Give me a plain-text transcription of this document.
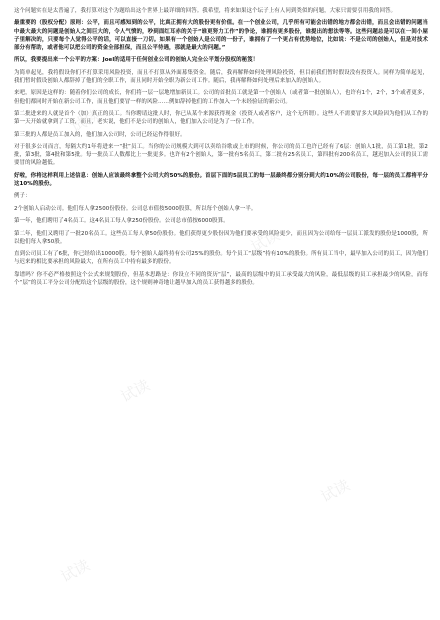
这个问题实在是太普遍了，我打算对这个为题给出这个世界上最详细的回答。我希望，将来如果这个坛子上有人问到类似的问题，大家只需要引用我的回答。

最重要的（股权分配）原则：公平，而且可感知到的公平，比真正拥有大的股份更有价值。在一个创业公司，几乎所有可能会出错的地方都会出错，而且会出错的问题当中最大最大的问题是创始人之间巨大的，令人气愤的，吵到面红耳赤的关于“谁更努力工作”的争论，谁拥有更多股份，谁提出的想法等等。这些问题总是可以在一间小屋子里解决的，只要每个人觉得公平的话，可以直接一刀切。如果有一个创始人是公司的一份子，谁拥有了一个更占有优势地位，比如说：不是公司的创始人，但是对技术部分有帮助，或者他可以把公司的资金全部担保，而且公平待遇，那就是最大的问题。”

所以，我要提出来一个公平的方案：Joel的适用于任何创业公司的创始人完全公平划分股权的秘笈！

为简单起见，我将假设你们不打算采用风险投资，而且不打算从外面募集资金。随后，我再解释如何处理风险投资，但目前我们暂时假设没有投资人。同样为简单起见，我们暂时假设创始人都辞掉了他们的全职工作，而且同时开始全职为新公司工作。随后，我再解释如何处理后来加入的创始人。

来吧，原因是这样的：随着你们公司的成长，你们将一层一层地增加新员工。公司的首批员工就是第一个创始人（或者第一批创始人），也许有1个，2个，3个或者更多，但他们都同时开始在新公司工作，而且他们要冒一样的风险……例如辞掉他们的工作加入一个未经验证的新公司。

第二批进来的人就是首个（加）真正的员工。当你聘请这批人时，你已从某个来源获得现金（投资人或者客户，这个无所谓）。这些人不需要冒多大风险因为他们从工作的第一天开始就拿到了工资，而且，老实说，他们不是公司的创始人，他们加入公司是为了一份工作。

第三批的人都是员工加入的，他们加入公司时，公司已经运作得很好。

对于很多公司而言，每隔大约1年将进来一“批”员工。当你的公司规模大到可以卖给谷歌或上市的时候，你公司的员工也许已经有了6层：创始人1批，员工第1批，第2批，第3批，第4批和第5批。每一批员工人数都比上一批更多。也许有2个创始人，第一批有5名员工，第二批有25名员工，第四批有200名员工，越迟加入公司的员工需要冒的风险越低。

好啦，你将这样利用上述信息：创始人应该最终拿整个公司大约50%的股份。首层下面的5层员工的每一层最终都分别分到大约10%的公司股份，每一层的员工都将平分这10%的股份。

例子：

2个创始人启动公司。他们每人拿2500份股份。公司总市值按5000股算，所以每个创始人拿一半。

第一年，他们聘用了4名员工。这4名员工每人拿250份股份。公司总市值按6000股算。

第二年，他们又聘用了一批20名员工。这些员工每人拿50份股份。他们获得更少股份因为他们要承受的风险更少，而且因为公司给每一层员工派发的股份是1000股，所以他们每人拿50股。

直到公司员工有了6批，你已经给出10000股。每个创始人最终持有公司25%的股份。每个员工“层级”持有10%的股份。所有员工当中，最早加入公司的员工，因为他们与迟来的相比要承担的风险最大，在所有员工中持有最多的股份。

靠谱吗？你不必严格按照这个公式来规划股份，但基本思路是：你设立不同的资历“层”，最高的层级中的员工承受最大的风险，最低层级的员工承担最少的风险，而每个“层”的员工平分公司分配给这个层级的股份，这个规则神奇地让越早加入的员工获得越多的股份。

试读
试读
试读
试读
试读
